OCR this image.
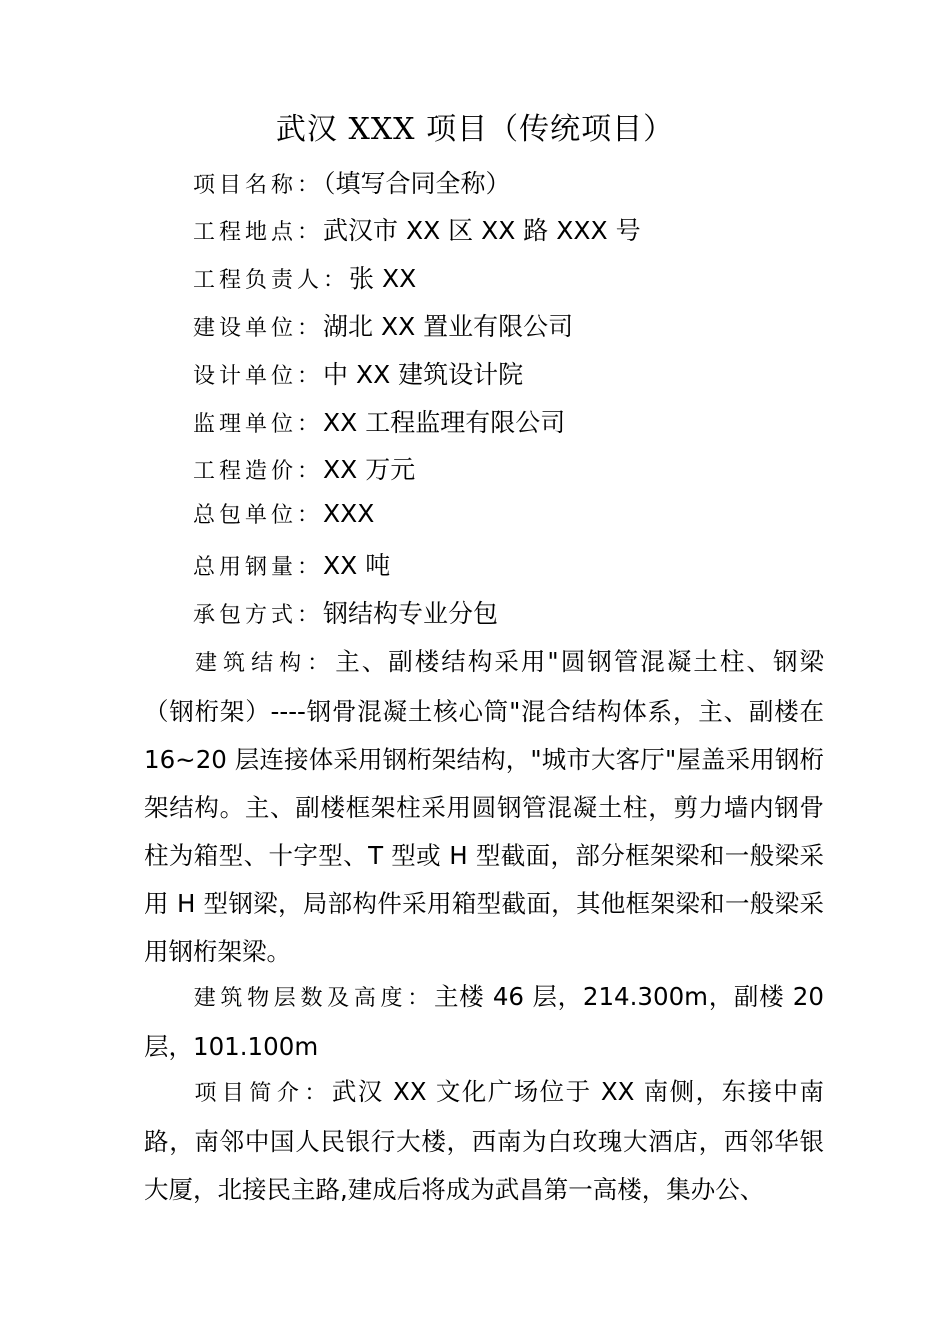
武汉 XXX 项目（传统项目）
项目名称：（填写合同全称）
工程地点：武汉市 XX 区 XX 路 XXX 号
工程负责人：张 XX
建设单位：湖北 XX 置业有限公司
设计单位：中 XX 建筑设计院
监理单位：XX 工程监理有限公司
工程造价：XX 万元
总包单位：XXX
总用钢量：XX 吨
承包方式：钢结构专业分包
建筑结构：主、副楼结构采用"圆钢管混凝土柱、钢梁（钢桁架）----钢骨混凝土核心筒"混合结构体系，主、副楼在 16~20 层连接体采用钢桁架结构，"城市大客厅"屋盖采用钢桁架结构。主、副楼框架柱采用圆钢管混凝土柱，剪力墙内钢骨柱为箱型、十字型、T 型或 H 型截面，部分框架梁和一般梁采用 H 型钢梁，局部构件采用箱型截面，其他框架梁和一般梁采用钢桁架梁。
建筑物层数及高度：主楼 46 层，214.300m，副楼 20 层，101.100m
项目简介：武汉 XX 文化广场位于 XX 南侧，东接中南路，南邻中国人民银行大楼，西南为白玫瑰大酒店，西邻华银大厦，北接民主路,建成后将成为武昌第一高楼，集办公、
